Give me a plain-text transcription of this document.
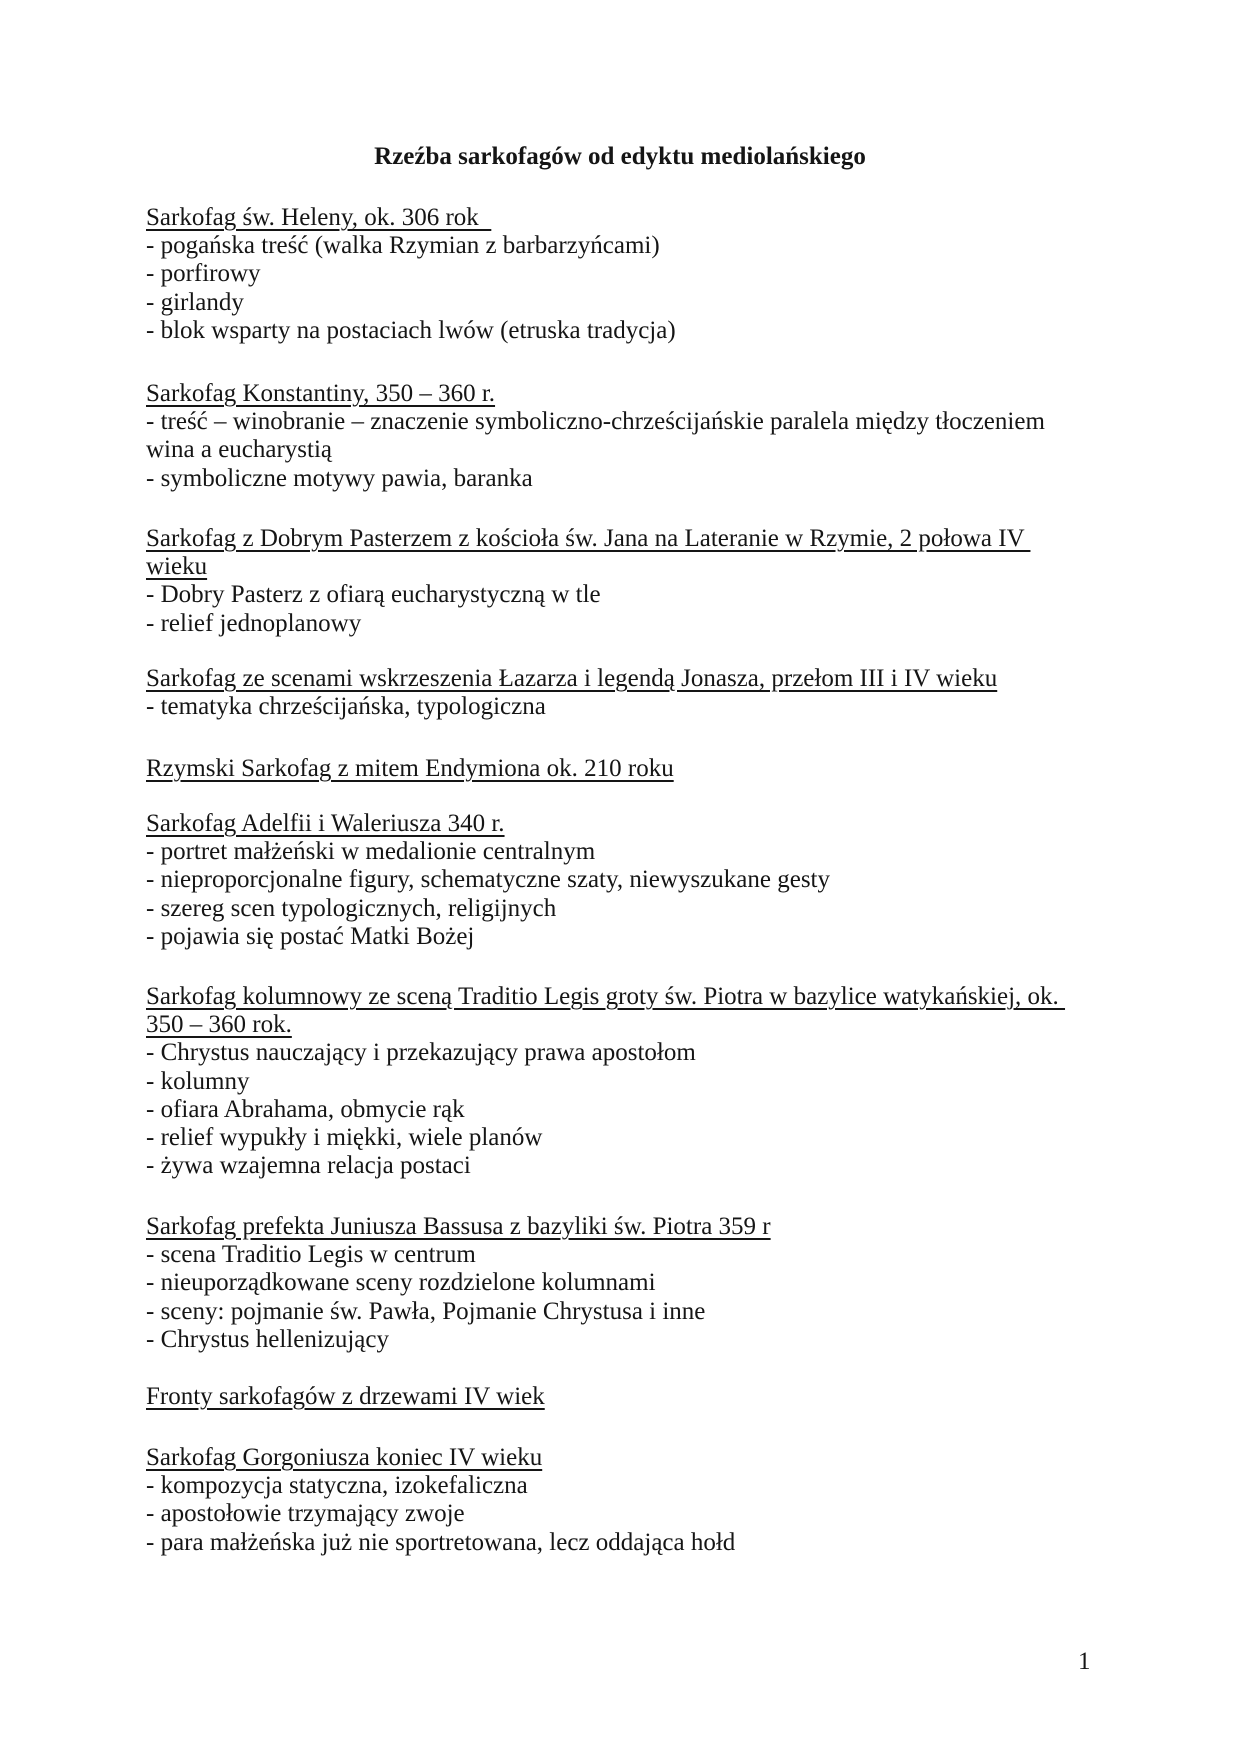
Rzeźba sarkofagów od edyktu mediolańskiego
Sarkofag św. Heleny, ok. 306 rok
- pogańska treść (walka Rzymian z barbarzyńcami)
- porfirowy
- girlandy
- blok wsparty na postaciach lwów (etruska tradycja)
Sarkofag Konstantiny, 350 – 360 r.
- treść – winobranie – znaczenie symboliczno-chrześcijańskie paralela między tłoczeniem
wina a eucharystią
- symboliczne motywy pawia, baranka
Sarkofag z Dobrym Pasterzem z kościoła św. Jana na Lateranie w Rzymie, 2 połowa IV
wieku
- Dobry Pasterz z ofiarą eucharystyczną w tle
- relief jednoplanowy
Sarkofag ze scenami wskrzeszenia Łazarza i legendą Jonasza, przełom III i IV wieku
- tematyka chrześcijańska, typologiczna
Rzymski Sarkofag z mitem Endymiona ok. 210 roku
Sarkofag Adelfii i Waleriusza 340 r.
- portret małżeński w medalionie centralnym
- nieproporcjonalne figury, schematyczne szaty, niewyszukane gesty
- szereg scen typologicznych, religijnych
- pojawia się postać Matki Bożej
Sarkofag kolumnowy ze sceną Traditio Legis groty św. Piotra w bazylice watykańskiej, ok.
350 – 360 rok.
- Chrystus nauczający i przekazujący prawa apostołom
- kolumny
- ofiara Abrahama, obmycie rąk
- relief wypukły i miękki, wiele planów
- żywa wzajemna relacja postaci
Sarkofag prefekta Juniusza Bassusa z bazyliki św. Piotra 359 r
- scena Traditio Legis w centrum
- nieuporządkowane sceny rozdzielone kolumnami
- sceny: pojmanie św. Pawła, Pojmanie Chrystusa i inne
- Chrystus hellenizujący
Fronty sarkofagów z drzewami IV wiek
Sarkofag Gorgoniusza koniec IV wieku
- kompozycja statyczna, izokefaliczna
- apostołowie trzymający zwoje
- para małżeńska już nie sportretowana, lecz oddająca hołd
1
